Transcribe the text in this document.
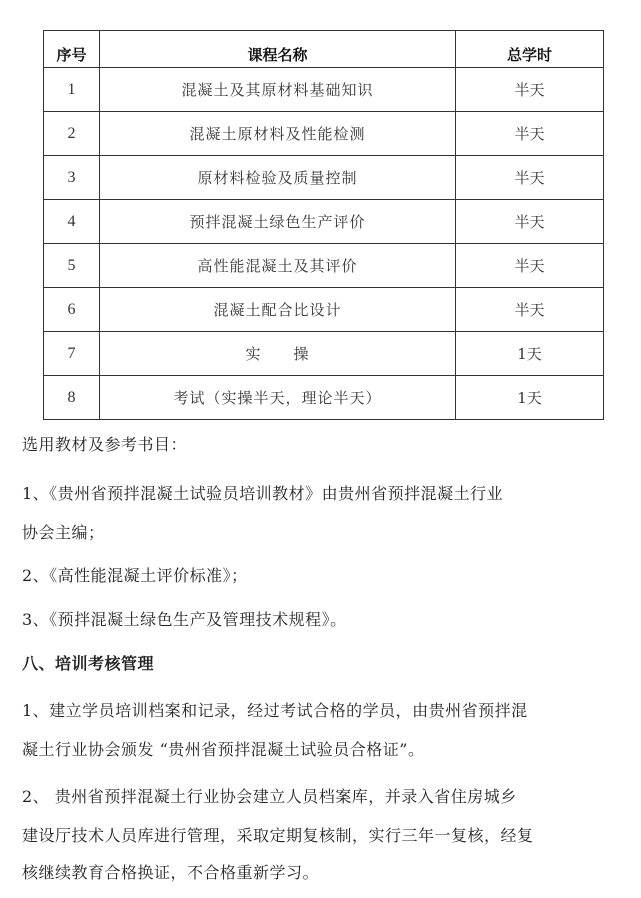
序号	课程名称	总学时
1	混凝土及其原材料基础知识	半天
2	混凝土原材料及性能检测	半天
3	原材料检验及质量控制	半天
4	预拌混凝土绿色生产评价	半天
5	高性能混凝土及其评价	半天
6	混凝土配合比设计	半天
7	实　　操	1天
8	考试（实操半天，理论半天）	1天
选用教材及参考书目：
1、《贵州省预拌混凝土试验员培训教材》由贵州省预拌混凝土行业
协会主编；
2、《高性能混凝土评价标准》；
3、《预拌混凝土绿色生产及管理技术规程》。
八、培训考核管理
1、建立学员培训档案和记录，经过考试合格的学员，由贵州省预拌混
凝土行业协会颁发 “贵州省预拌混凝土试验员合格证”。
2、 贵州省预拌混凝土行业协会建立人员档案库，并录入省住房城乡
建设厅技术人员库进行管理，采取定期复核制，实行三年一复核，经复
核继续教育合格换证，不合格重新学习。
